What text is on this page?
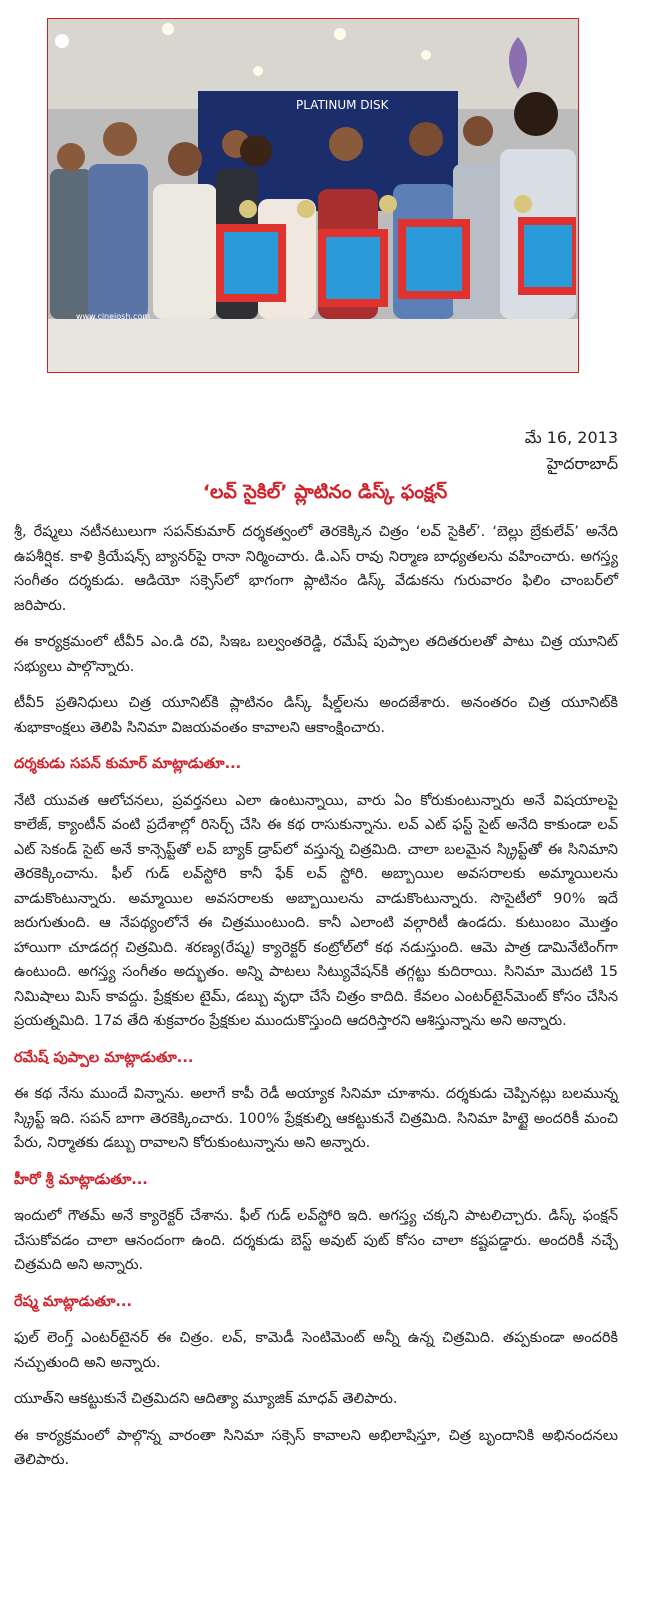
PLATINUM DISK
www.cinejosh.com
మే 16, 2013
హైదరాబాద్
‘లవ్ సైకిల్’ ప్లాటినం డిస్క్ ఫంక్షన్

శ్రీ, రేష్మలు నటీనటులుగా సపన్‌కుమార్ దర్శకత్వంలో తెరకెక్కిన చిత్రం ‘లవ్ సైకిల్’. ‘బెల్లు బ్రేకులేవ్’ అనేది ఉపశీర్షిక. కాళి క్రియేషన్స్ బ్యానర్‌పై రానా నిర్మించారు. డి.ఎస్ రావు నిర్మాణ బాధ్యతలను వహించారు. అగస్త్య సంగీతం దర్శకుడు. ఆడియో సక్సెస్‌లో భాగంగా ప్లాటినం డిస్క్ వేడుకను గురువారం ఫిలిం చాంబర్‌లో జరిపారు.

ఈ కార్యక్రమంలో టీవీ5 ఎం.డి రవి, సిఇఒ బల్వంతరెడ్డి, రమేష్ పుప్పాల తదితరులతో పాటు చిత్ర యూనిట్ సభ్యులు పాల్గొన్నారు.

టీవీ5 ప్రతినిధులు చిత్ర యూనిట్‌కి ప్లాటినం డిస్క్ షీల్డ్‌లను అందజేశారు. అనంతరం చిత్ర యూనిట్‌కి శుభాకాంక్షలు తెలిపి సినిమా విజయవంతం కావాలని ఆకాంక్షించారు.

దర్శకుడు సపన్ కుమార్ మాట్లాడుతూ...

నేటి యువత ఆలోచనలు, ప్రవర్తనలు ఎలా ఉంటున్నాయి, వారు ఏం కోరుకుంటున్నారు అనే విషయాలపై కాలేజ్, క్యాంటీన్ వంటి ప్రదేశాల్లో రిసెర్చ్ చేసి ఈ కథ రాసుకున్నాను. లవ్ ఎట్ ఫస్ట్ సైట్ అనేది కాకుండా లవ్ ఎట్ సెకండ్ సైట్ అనే కాన్సెప్ట్‌తో లవ్ బ్యాక్ డ్రాప్‌లో వస్తున్న చిత్రమిది. చాలా బలమైన స్క్రిప్ట్‌తో ఈ సినిమాని తెరకెక్కించాను. ఫీల్ గుడ్ లవ్‌స్టోరి కానీ ఫేక్ లవ్ స్టోరి. అబ్బాయిల అవసరాలకు అమ్మాయిలను వాడుకొంటున్నారు. అమ్మాయిల అవసరాలకు అబ్బాయిలను వాడుకొంటున్నారు. సొసైటీలో 90% ఇదే జరుగుతుంది. ఆ నేపథ్యంలోనే ఈ చిత్రముంటుంది. కానీ ఎలాంటి వల్గారిటీ ఉండదు. కుటుంబం మొత్తం హాయిగా చూడదగ్గ చిత్రమిది. శరణ్య(రేష్మ) క్యారెక్టర్ కంట్రోల్‌లో కథ నడుస్తుంది. ఆమె పాత్ర డామినేటింగ్‌గా ఉంటుంది. అగస్త్య సంగీతం అద్భుతం. అన్ని పాటలు సిట్యువేషన్‌కి తగ్గట్టు కుదిరాయి. సినిమా మొదటి 15 నిమిషాలు మిస్ కావద్దు. ప్రేక్షకుల టైమ్, డబ్బు వృధా చేసే చిత్రం కాదిది. కేవలం ఎంటర్‌టైన్‌మెంట్ కోసం చేసిన ప్రయత్నమిది. 17వ తేది శుక్రవారం ప్రేక్షకుల ముందుకొస్తుంది ఆదరిస్తారని ఆశిస్తున్నాను అని అన్నారు.

రమేష్ పుప్పాల మాట్లాడుతూ...

ఈ కథ నేను ముందే విన్నాను. అలాగే కాపీ రెడీ అయ్యాక సినిమా చూశాను. దర్శకుడు చెప్పినట్లు బలమున్న స్క్రిప్ట్ ఇది. సపన్ బాగా తెరకెక్కించారు. 100% ప్రేక్షకుల్ని ఆకట్టుకునే చిత్రమిది. సినిమా హిట్టై అందరికీ మంచి పేరు, నిర్మాతకు డబ్బు రావాలని కోరుకుంటున్నాను అని అన్నారు.

హీరో శ్రీ మాట్లాడుతూ...

ఇందులో గౌతమ్ అనే క్యారెక్టర్ చేశాను. ఫీల్ గుడ్ లవ్‌స్టోరి ఇది. అగస్త్య చక్కని పాటలిచ్చారు. డిస్క్ ఫంక్షన్ చేసుకోవడం చాలా ఆనందంగా ఉంది. దర్శకుడు బెస్ట్ అవుట్ పుట్ కోసం చాలా కష్టపడ్డారు. అందరికీ నచ్చే చిత్రమది అని అన్నారు.

రేష్మ మాట్లాడుతూ...

ఫుల్ లెంగ్త్ ఎంటర్‌టైనర్ ఈ చిత్రం. లవ్, కామెడీ సెంటిమెంట్ అన్నీ ఉన్న చిత్రమిది. తప్పకుండా అందరికి నచ్చుతుంది అని అన్నారు.

యూత్‌ని ఆకట్టుకునే చిత్రమిదని ఆదిత్యా మ్యూజిక్ మాధవ్ తెలిపారు.

ఈ కార్యక్రమంలో పాల్గొన్న వారంతా సినిమా సక్సెస్ కావాలని అభిలాషిస్తూ, చిత్ర బృందానికి అభినందనలు తెలిపారు.
